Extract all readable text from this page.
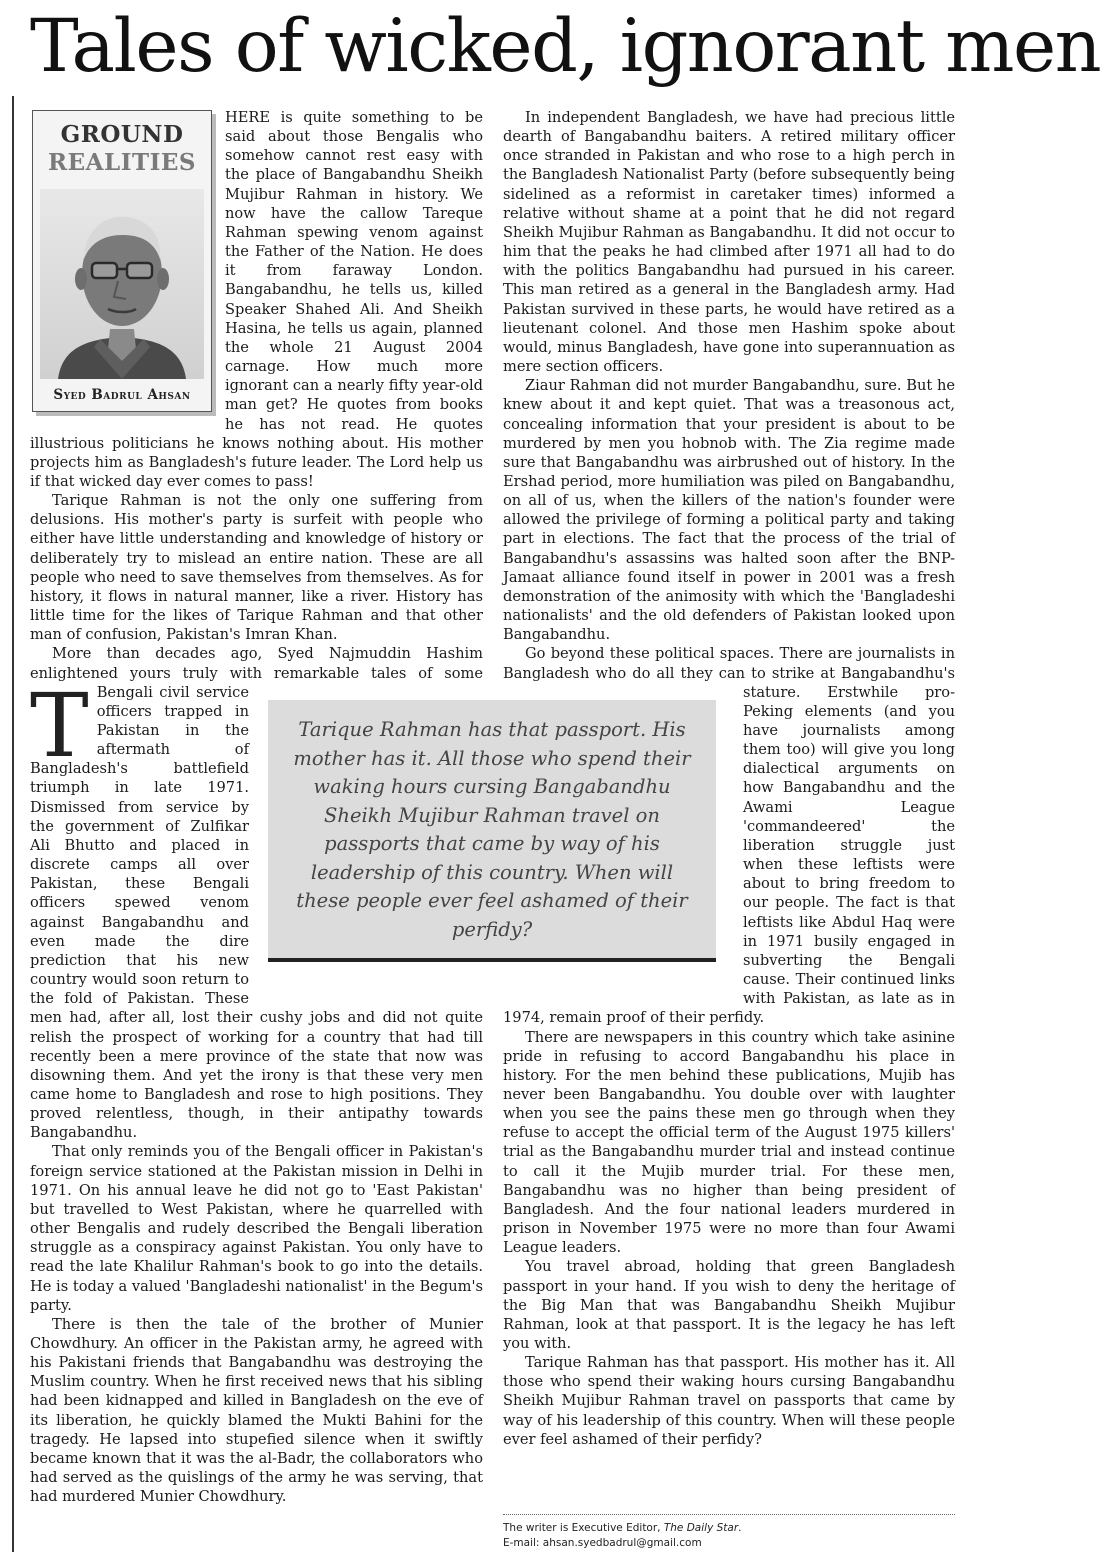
Tales of wicked, ignorant men
GROUND
REALITIES
Syed Badrul Ahsan

T
HERE is quite something to be said about those Bengalis who somehow cannot rest easy with the place of Bangabandhu Sheikh Mujibur Rahman in history. We now have the callow Tareque Rahman spewing venom against the Father of the Nation. He does it from faraway London. Bangabandhu, he tells us, killed Speaker Shahed Ali. And Sheikh Hasina, he tells us again, planned the whole 21 August 2004 carnage. How much more ignorant can a nearly fifty year-old man get? He quotes from books he has not read. He quotes illustrious politicians he knows nothing about. His mother projects him as Bangladesh's future leader. The Lord help us if that wicked day ever comes to pass!

Tarique Rahman is not the only one suffering from delusions. His mother's party is surfeit with people who either have little understanding and knowledge of history or deliberately try to mislead an entire nation. These are all people who need to save themselves from themselves. As for history, it flows in natural manner, like a river. History has little time for the likes of Tarique Rahman and that other man of confusion, Pakistan's Imran Khan.

More than decades ago, Syed Najmuddin Hashim enlightened yours truly with remarkable tales of some Bengali civil service officers trapped in Pakistan in the aftermath of Bangladesh's battlefield triumph in late 1971. Dismissed from service by the government of Zulfikar Ali Bhutto and placed in discrete camps all over Pakistan, these Bengali officers spewed venom against Bangabandhu and even made the dire prediction that his new country would soon return to the fold of Pakistan. These men had, after all, lost their cushy jobs and did not quite relish the prospect of working for a country that had till recently been a mere province of the state that now was disowning them. And yet the irony is that these very men came home to Bangladesh and rose to high positions. They proved relentless, though, in their antipathy towards Bangabandhu.

That only reminds you of the Bengali officer in Pakistan's foreign service stationed at the Pakistan mission in Delhi in 1971. On his annual leave he did not go to 'East Pakistan' but travelled to West Pakistan, where he quarrelled with other Bengalis and rudely described the Bengali liberation struggle as a conspiracy against Pakistan. You only have to read the late Khalilur Rahman's book to go into the details. He is today a valued 'Bangladeshi nationalist' in the Begum's party.

There is then the tale of the brother of Munier Chowdhury. An officer in the Pakistan army, he agreed with his Pakistani friends that Bangabandhu was destroying the Muslim country. When he first received news that his sibling had been kidnapped and killed in Bangladesh on the eve of its liberation, he quickly blamed the Mukti Bahini for the tragedy. He lapsed into stupefied silence when it swiftly became known that it was the al-Badr, the collaborators who had served as the quislings of the army he was serving, that had murdered Munier Chowdhury.

In independent Bangladesh, we have had precious little dearth of Bangabandhu baiters. A retired military officer once stranded in Pakistan and who rose to a high perch in the Bangladesh Nationalist Party (before subsequently being sidelined as a reformist in caretaker times) informed a relative without shame at a point that he did not regard Sheikh Mujibur Rahman as Bangabandhu. It did not occur to him that the peaks he had climbed after 1971 all had to do with the politics Bangabandhu had pursued in his career. This man retired as a general in the Bangladesh army. Had Pakistan survived in these parts, he would have retired as a lieutenant colonel. And those men Hashim spoke about would, minus Bangladesh, have gone into superannuation as mere section officers.

Ziaur Rahman did not murder Bangabandhu, sure. But he knew about it and kept quiet. That was a treasonous act, concealing information that your president is about to be murdered by men you hobnob with. The Zia regime made sure that Bangabandhu was airbrushed out of history. In the Ershad period, more humiliation was piled on Bangabandhu, on all of us, when the killers of the nation's founder were allowed the privilege of forming a political party and taking part in elections. The fact that the process of the trial of Bangabandhu's assassins was halted soon after the BNP-Jamaat alliance found itself in power in 2001 was a fresh demonstration of the animosity with which the 'Bangladeshi nationalists' and the old defenders of Pakistan looked upon Bangabandhu.

Go beyond these political spaces. There are journalists in Bangladesh who do all they can to strike at Bangabandhu's stature. Erstwhile pro-Peking elements (and you have journalists among them too) will give you long dialectical arguments on how Bangabandhu and the Awami League 'commandeered' the liberation struggle just when these leftists were about to bring freedom to our people. The fact is that leftists like Abdul Haq were in 1971 busily engaged in subverting the Bengali cause. Their continued links with Pakistan, as late as in 1974, remain proof of their perfidy.

There are newspapers in this country which take asinine pride in refusing to accord Bangabandhu his place in history. For the men behind these publications, Mujib has never been Bangabandhu. You double over with laughter when you see the pains these men go through when they refuse to accept the official term of the August 1975 killers' trial as the Bangabandhu murder trial and instead continue to call it the Mujib murder trial. For these men, Bangabandhu was no higher than being president of Bangladesh. And the four national leaders murdered in prison in November 1975 were no more than four Awami League leaders.

You travel abroad, holding that green Bangladesh passport in your hand. If you wish to deny the heritage of the Big Man that was Bangabandhu Sheikh Mujibur Rahman, look at that passport. It is the legacy he has left you with.

Tarique Rahman has that passport. His mother has it. All those who spend their waking hours cursing Bangabandhu Sheikh Mujibur Rahman travel on passports that came by way of his leadership of this country. When will these people ever feel ashamed of their perfidy?

Tarique Rahman has that passport. His mother has it. All those who spend their waking hours cursing Bangabandhu Sheikh Mujibur Rahman travel on passports that came by way of his leadership of this country. When will these people ever feel ashamed of their perfidy?
The writer is Executive Editor, The Daily Star.
E-mail: ahsan.syedbadrul@gmail.com
